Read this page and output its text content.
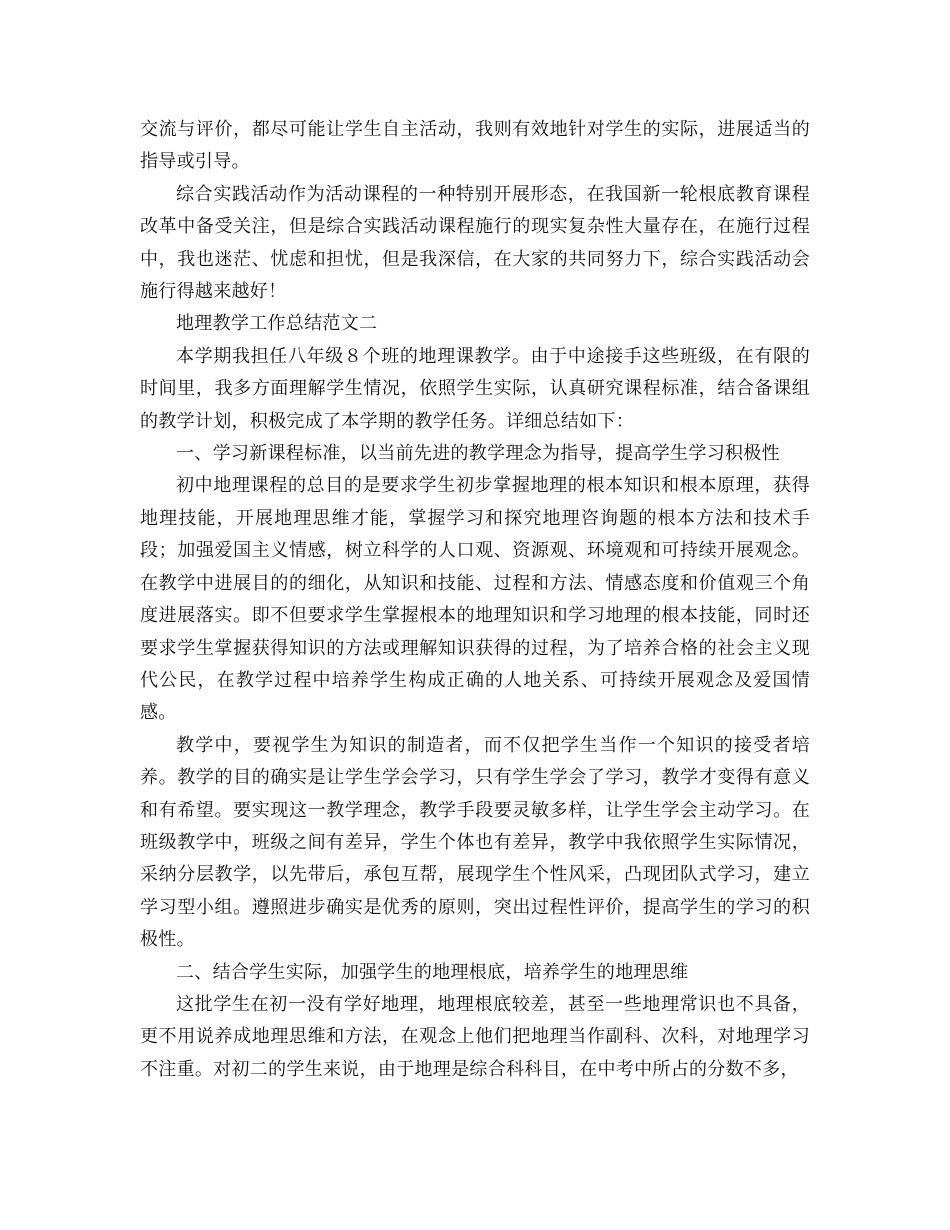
交流与评价，都尽可能让学生自主活动，我则有效地针对学生的实际，进展适当的指导或引导。

综合实践活动作为活动课程的一种特别开展形态，在我国新一轮根底教育课程改革中备受关注，但是综合实践活动课程施行的现实复杂性大量存在，在施行过程中，我也迷茫、忧虑和担忧，但是我深信，在大家的共同努力下，综合实践活动会施行得越来越好！

地理教学工作总结范文二

本学期我担任八年级８个班的地理课教学。由于中途接手这些班级，在有限的时间里，我多方面理解学生情况，依照学生实际，认真研究课程标准，结合备课组的教学计划，积极完成了本学期的教学任务。详细总结如下：

一、学习新课程标准，以当前先进的教学理念为指导，提高学生学习积极性

初中地理课程的总目的是要求学生初步掌握地理的根本知识和根本原理，获得地理技能，开展地理思维才能，掌握学习和探究地理咨询题的根本方法和技术手段；加强爱国主义情感，树立科学的人口观、资源观、环境观和可持续开展观念。在教学中进展目的的细化，从知识和技能、过程和方法、情感态度和价值观三个角度进展落实。即不但要求学生掌握根本的地理知识和学习地理的根本技能，同时还要求学生掌握获得知识的方法或理解知识获得的过程，为了培养合格的社会主义现代公民，在教学过程中培养学生构成正确的人地关系、可持续开展观念及爱国情感。

教学中，要视学生为知识的制造者，而不仅把学生当作一个知识的接受者培养。教学的目的确实是让学生学会学习，只有学生学会了学习，教学才变得有意义和有希望。要实现这一教学理念，教学手段要灵敏多样，让学生学会主动学习。在班级教学中，班级之间有差异，学生个体也有差异，教学中我依照学生实际情况，采纳分层教学，以先带后，承包互帮，展现学生个性风采，凸现团队式学习，建立学习型小组。遵照进步确实是优秀的原则，突出过程性评价，提高学生的学习的积极性。

二、结合学生实际，加强学生的地理根底，培养学生的地理思维

这批学生在初一没有学好地理，地理根底较差，甚至一些地理常识也不具备，更不用说养成地理思维和方法，在观念上他们把地理当作副科、次科，对地理学习不注重。对初二的学生来说，由于地理是综合科科目，在中考中所占的分数不多，
